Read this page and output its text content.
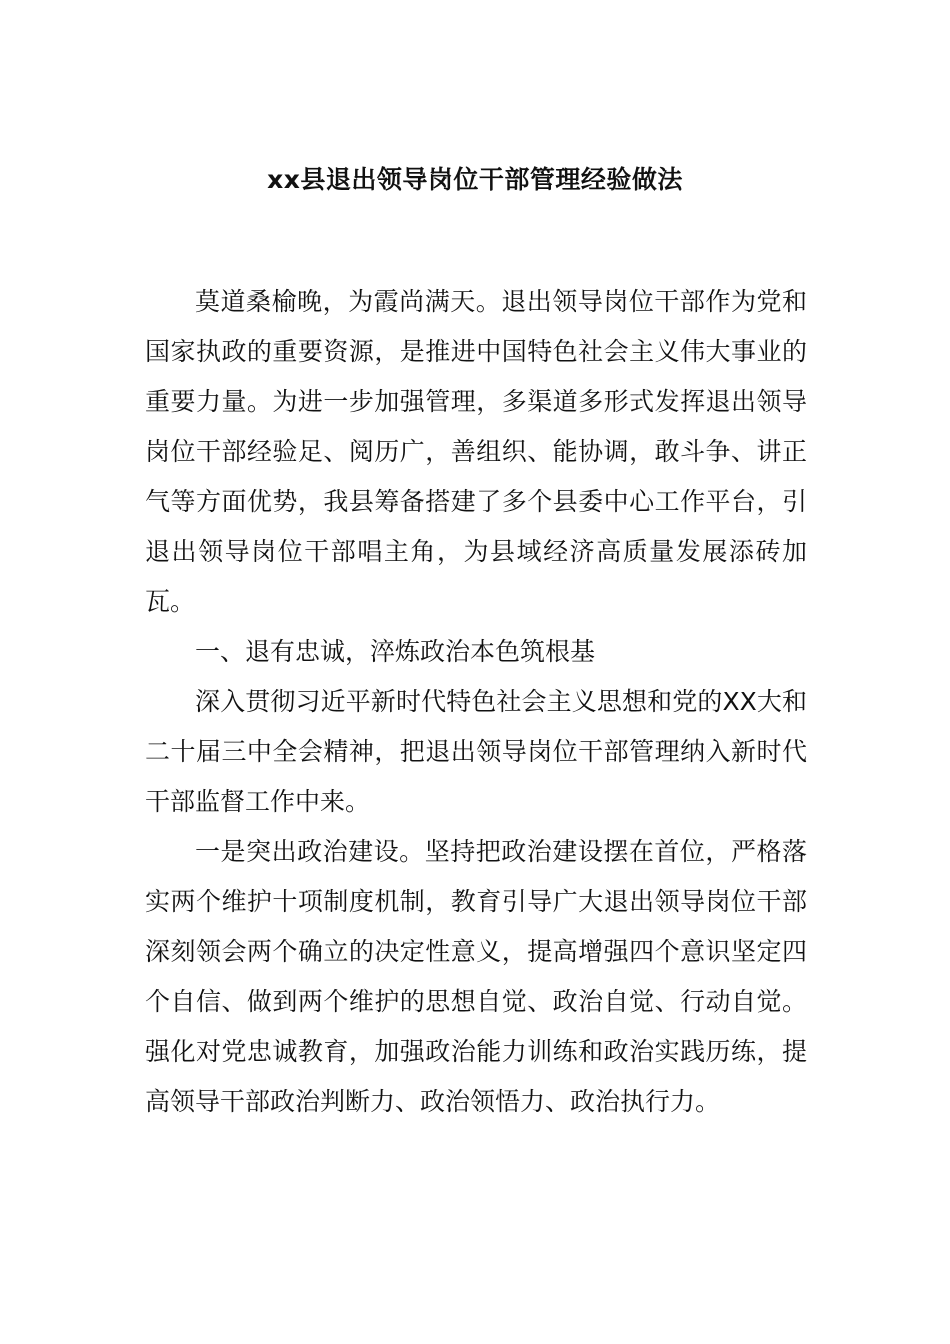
xx县退出领导岗位干部管理经验做法

莫道桑榆晚，为霞尚满天。退出领导岗位干部作为党和国家执政的重要资源，是推进中国特色社会主义伟大事业的重要力量。为进一步加强管理，多渠道多形式发挥退出领导岗位干部经验足、阅历广，善组织、能协调，敢斗争、讲正气等方面优势，我县筹备搭建了多个县委中心工作平台，引退出领导岗位干部唱主角，为县域经济高质量发展添砖加瓦。

一、退有忠诚，淬炼政治本色筑根基

深入贯彻习近平新时代特色社会主义思想和党的XX大和二十届三中全会精神，把退出领导岗位干部管理纳入新时代干部监督工作中来。

一是突出政治建设。坚持把政治建设摆在首位，严格落实两个维护十项制度机制，教育引导广大退出领导岗位干部深刻领会两个确立的决定性意义，提高增强四个意识坚定四个自信、做到两个维护的思想自觉、政治自觉、行动自觉。强化对党忠诚教育，加强政治能力训练和政治实践历练，提高领导干部政治判断力、政治领悟力、政治执行力。
